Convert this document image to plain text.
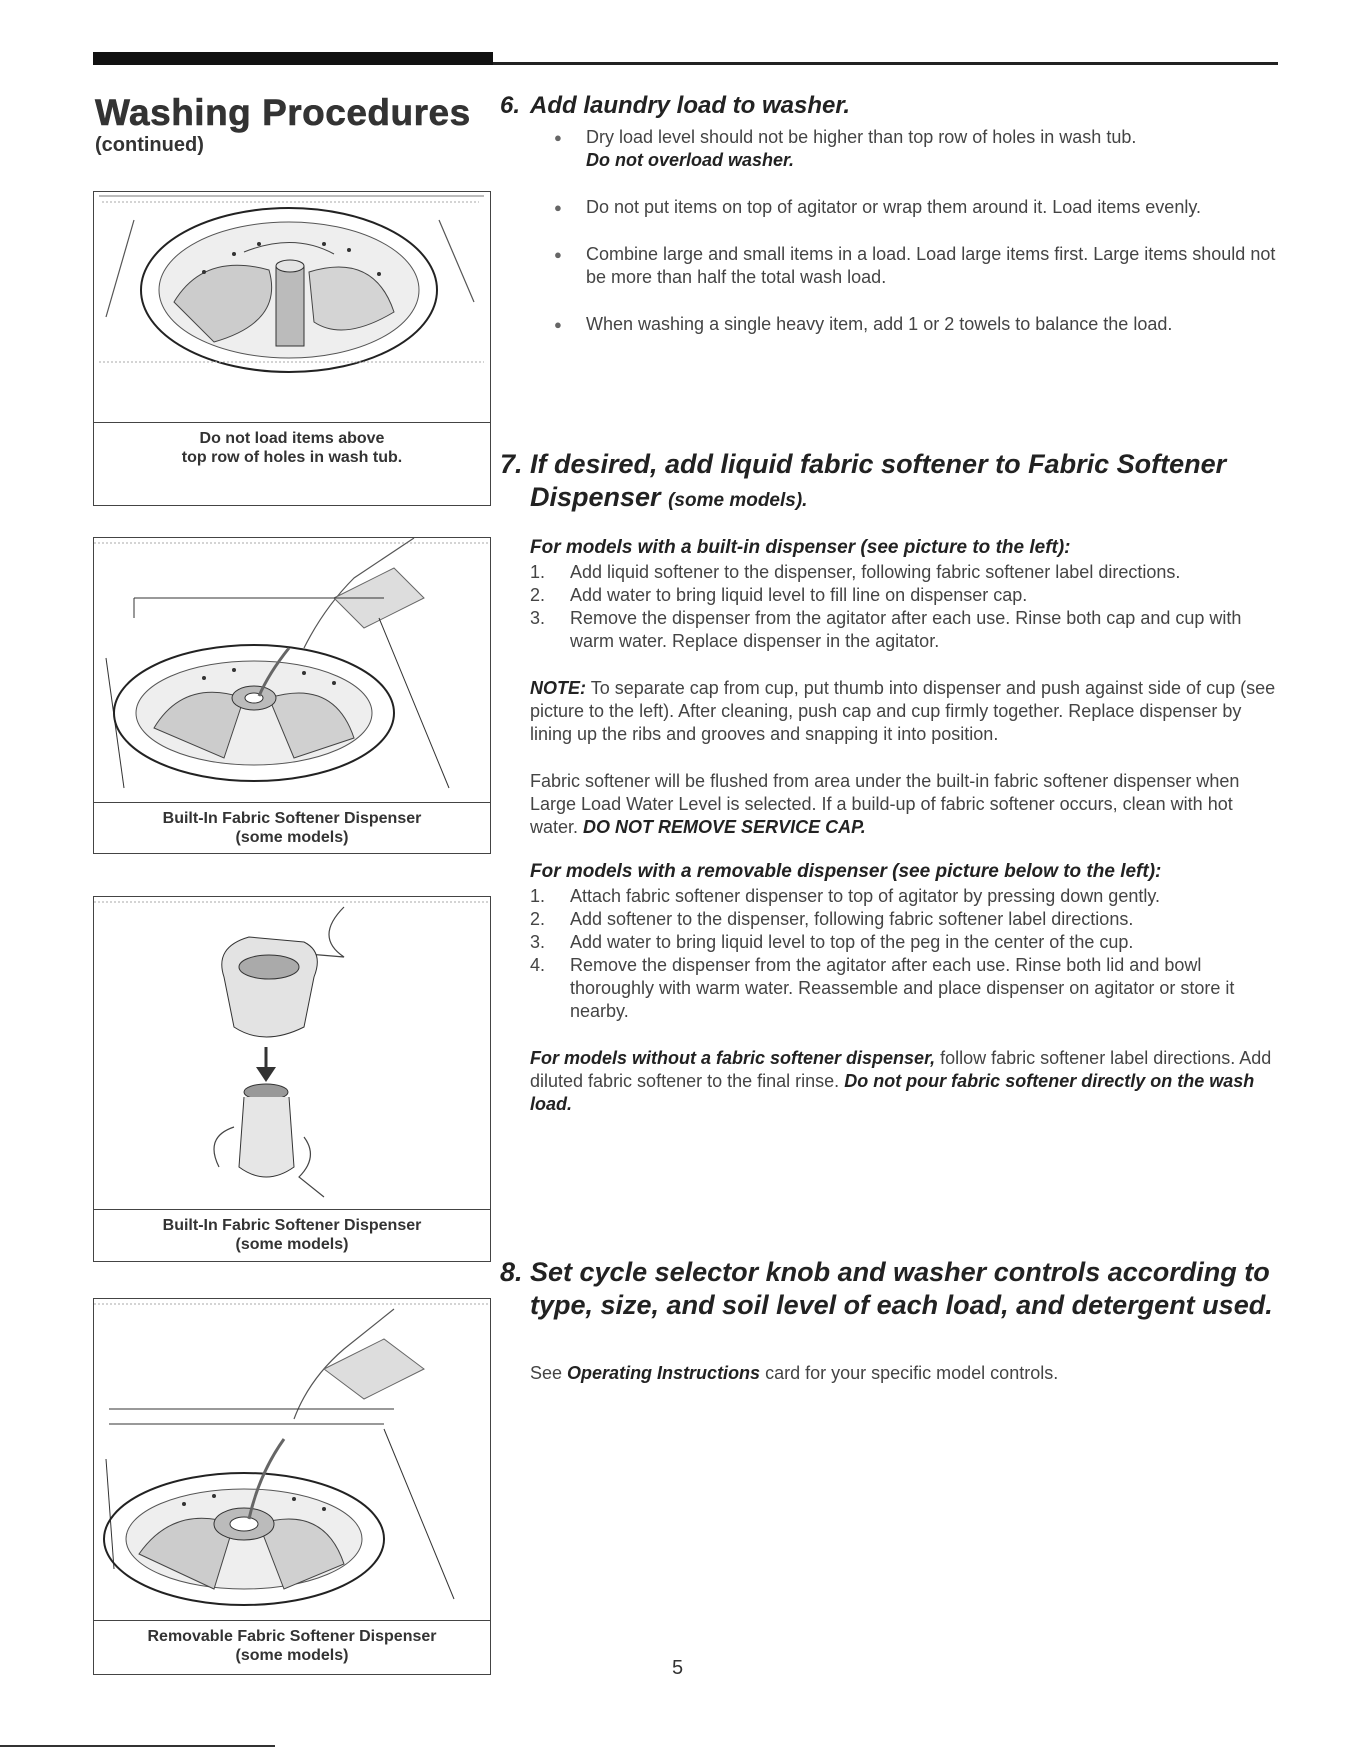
Washing Procedures
(continued)
Do not load items above
top row of holes in wash tub.
Built-In Fabric Softener Dispenser
(some models)
Built-In Fabric Softener Dispenser
(some models)
Removable Fabric Softener Dispenser
(some models)
6. Add laundry load to washer.
● Dry load level should not be higher than top row of holes in wash tub.
Do not overload washer.
● Do not put items on top of agitator or wrap them around it. Load items evenly.
● Combine large and small items in a load. Load large items first. Large items should not be more than half the total wash load.
● When washing a single heavy item, add 1 or 2 towels to balance the load.
7. If desired, add liquid fabric softener to Fabric Softener Dispenser (some models).
For models with a built-in dispenser (see picture to the left):
1. Add liquid softener to the dispenser, following fabric softener label directions.
2. Add water to bring liquid level to fill line on dispenser cap.
3. Remove the dispenser from the agitator after each use. Rinse both cap and cup with warm water. Replace dispenser in the agitator.
NOTE: To separate cap from cup, put thumb into dispenser and push against side of cup (see picture to the left). After cleaning, push cap and cup firmly together. Replace dispenser by lining up the ribs and grooves and snapping it into position.
Fabric softener will be flushed from area under the built-in fabric softener dispenser when Large Load Water Level is selected. If a build-up of fabric softener occurs, clean with hot water. DO NOT REMOVE SERVICE CAP.
For models with a removable dispenser (see picture below to the left):
1. Attach fabric softener dispenser to top of agitator by pressing down gently.
2. Add softener to the dispenser, following fabric softener label directions.
3. Add water to bring liquid level to top of the peg in the center of the cup.
4. Remove the dispenser from the agitator after each use. Rinse both lid and bowl thoroughly with warm water. Reassemble and place dispenser on agitator or store it nearby.
For models without a fabric softener dispenser, follow fabric softener label directions. Add diluted fabric softener to the final rinse. Do not pour fabric softener directly on the wash load.
8. Set cycle selector knob and washer controls according to type, size, and soil level of each load, and detergent used.
See Operating Instructions card for your specific model controls.
5
